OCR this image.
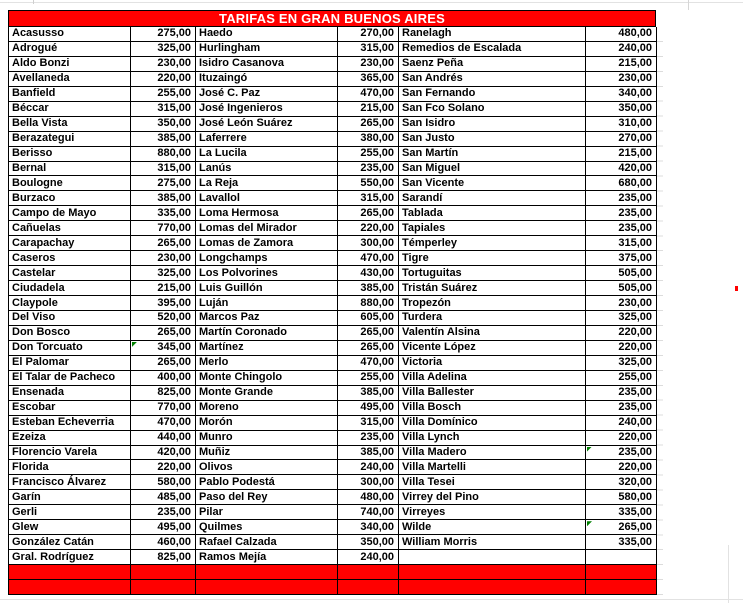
TARIFAS EN GRAN BUENOS AIRES
Acasusso	275,00 Haedo	270,00 Ranelagh	480,00
Adrogué	325,00 Hurlingham	315,00 Remedios de Escalada	240,00
Aldo Bonzi	230,00 Isidro Casanova	230,00 Saenz Peña	215,00
Avellaneda	220,00 Ituzaingó	365,00 San Andrés	230,00
Banfield	255,00 José C. Paz	470,00 San Fernando	340,00
Béccar	315,00 José Ingenieros	215,00 San Fco Solano	350,00
Bella Vista	350,00 José León Suárez	265,00 San Isidro	310,00
Berazategui	385,00 Laferrere	380,00 San Justo	270,00
Berisso	880,00 La Lucila	255,00 San Martín	215,00
Bernal	315,00 Lanús	235,00 San Miguel	420,00
Boulogne	275,00 La Reja	550,00 San Vicente	680,00
Burzaco	385,00 Lavallol	315,00 Sarandí	235,00
Campo de Mayo	335,00 Loma Hermosa	265,00 Tablada	235,00
Cañuelas	770,00 Lomas del Mirador	220,00 Tapiales	235,00
Carapachay	265,00 Lomas de Zamora	300,00 Témperley	315,00
Caseros	230,00 Longchamps	470,00 Tigre	375,00
Castelar	325,00 Los Polvorines	430,00 Tortuguitas	505,00
Ciudadela	215,00 Luis Guillón	385,00 Tristán Suárez	505,00
Claypole	395,00 Luján	880,00 Tropezón	230,00
Del Viso	520,00 Marcos Paz	605,00 Turdera	325,00
Don Bosco	265,00 Martín Coronado	265,00 Valentín Alsina	220,00
Don Torcuato	345,00 Martínez	265,00 Vicente López	220,00
El Palomar	265,00 Merlo	470,00 Victoria	325,00
El Talar de Pacheco	400,00 Monte Chingolo	255,00 Villa Adelina	255,00
Ensenada	825,00 Monte Grande	385,00 Villa Ballester	235,00
Escobar	770,00 Moreno	495,00 Villa Bosch	235,00
Esteban Echeverria	470,00 Morón	315,00 Villa Domínico	240,00
Ezeiza	440,00 Munro	235,00 Villa Lynch	220,00
Florencio Varela	420,00 Muñiz	385,00 Villa Madero	235,00
Florida	220,00 Olivos	240,00 Villa Martelli	220,00
Francisco Álvarez	580,00 Pablo Podestá	300,00 Villa Tesei	320,00
Garín	485,00 Paso del Rey	480,00 Virrey del Pino	580,00
Gerli	235,00 Pilar	740,00 Virreyes	335,00
Glew	495,00 Quilmes	340,00 Wilde	265,00
González Catán	460,00 Rafael Calzada	350,00 William Morris	335,00
Gral. Rodríguez	825,00 Ramos Mejía	240,00
